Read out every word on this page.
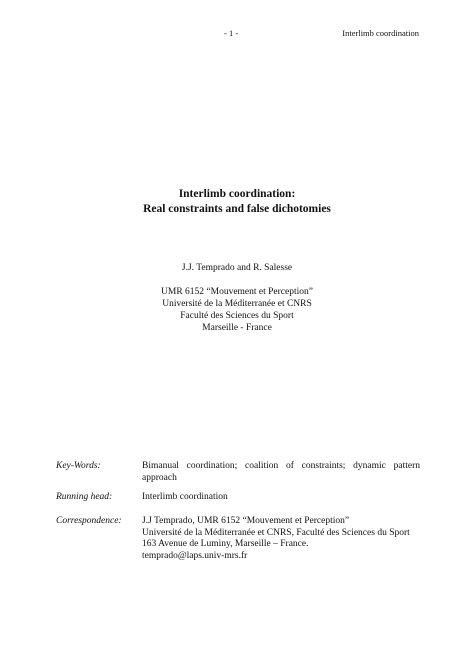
- 1 -	Interlimb coordination
Interlimb coordination:
Real constraints and false dichotomies
J.J. Temprado and R. Salesse
UMR 6152 “Mouvement et Perception”
Université de la Méditerranée et CNRS
Faculté des Sciences du Sport
Marseille - France
Key-Words:	Bimanual coordination; coalition of constraints; dynamic pattern approach
Running head:	Interlimb coordination
Correspondence:	J.J Temprado, UMR 6152 “Mouvement et Perception”
Université de la Méditerranée et CNRS, Faculté des Sciences du Sport
163 Avenue de Luminy, Marseille – France.
temprado@laps.univ-mrs.fr
